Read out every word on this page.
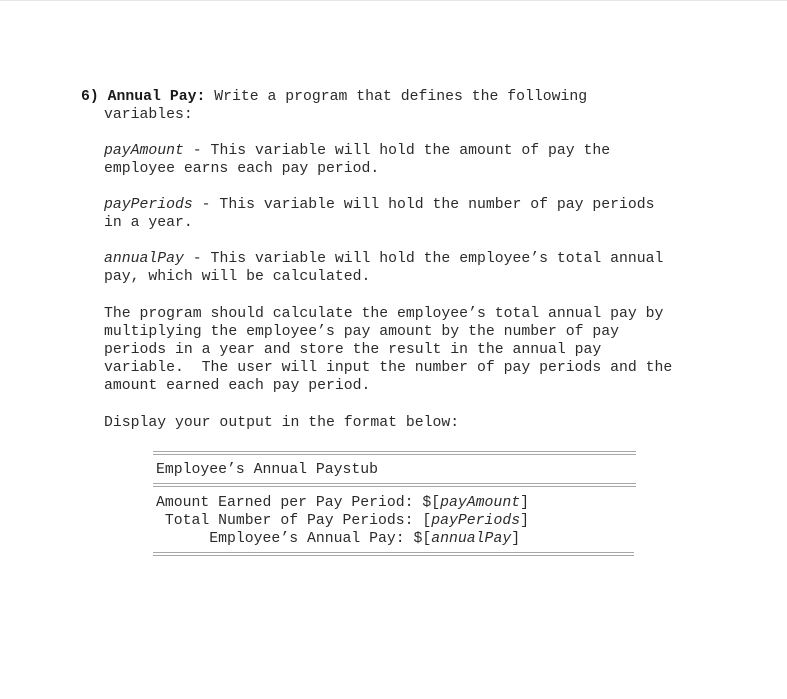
6) Annual Pay: Write a program that defines the following
variables:
payAmount - This variable will hold the amount of pay the
employee earns each pay period.
payPeriods - This variable will hold the number of pay periods
in a year.
annualPay - This variable will hold the employee’s total annual
pay, which will be calculated.
The program should calculate the employee’s total annual pay by
multiplying the employee’s pay amount by the number of pay
periods in a year and store the result in the annual pay
variable.  The user will input the number of pay periods and the
amount earned each pay period.
Display your output in the format below:
Employee’s Annual Paystub
Amount Earned per Pay Period: $[payAmount]
Total Number of Pay Periods: [payPeriods]
Employee’s Annual Pay: $[annualPay]
